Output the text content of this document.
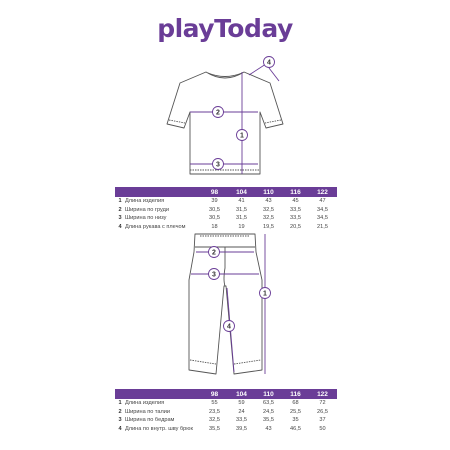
playToday
1
2
3
4
1
2
3
4
98	104	110	116	122
1 Длина изделия	39	41	43	45	47
2 Ширина по груди	30,5	31,5	32,5	33,5	34,5
3 Ширина по низу	30,5	31,5	32,5	33,5	34,5
4 Длина рукава с плечом	18	19	19,5	20,5	21,5
98	104	110	116	122
1 Длина изделия	55	59	63,5	68	72
2 Ширина по талии	23,5	24	24,5	25,5	26,5
3 Ширина по бедрам	32,5	33,5	35,5	35	37
4 Длина по внутр. шву брюк	35,5	39,5	43	46,5	50
